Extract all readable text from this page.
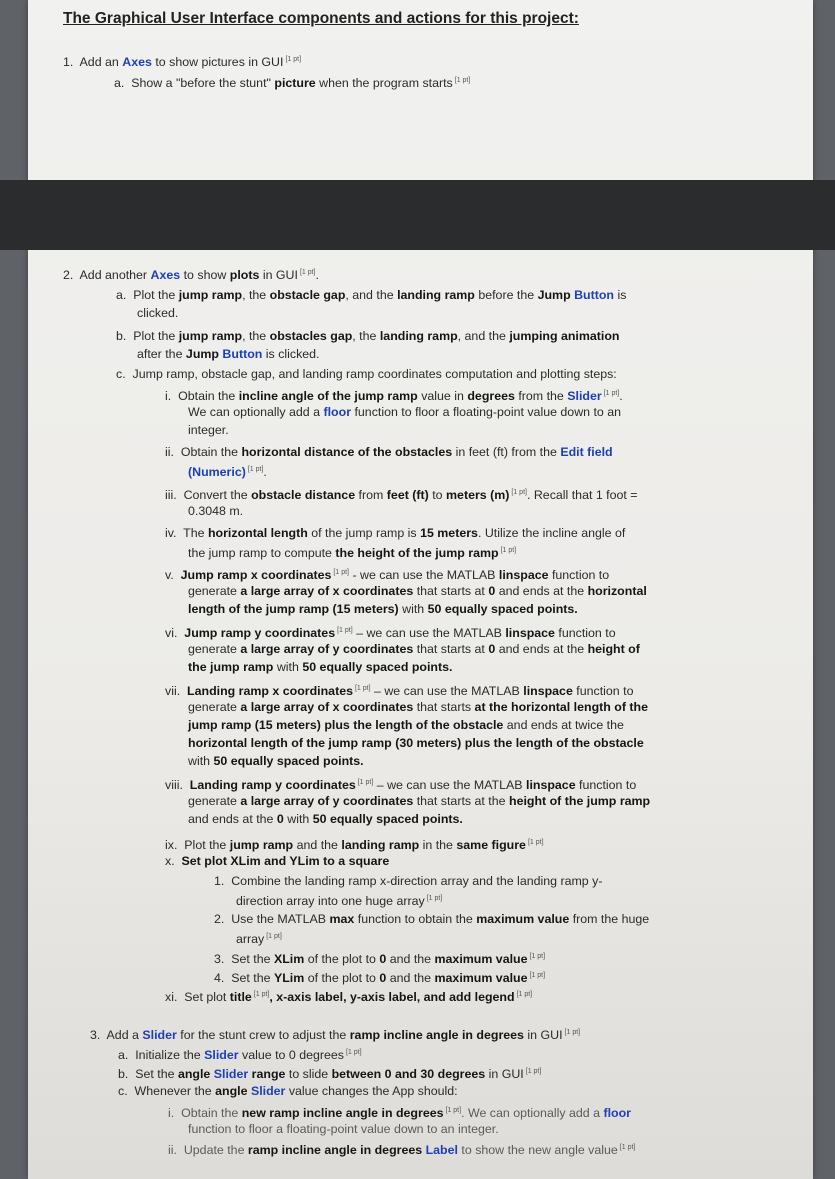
The Graphical User Interface components and actions for this project:
1. Add an Axes to show pictures in GUI [1 pt]
a. Show a "before the stunt" picture when the program starts [1 pt]
2. Add another Axes to show plots in GUI [1 pt].
a. Plot the jump ramp, the obstacle gap, and the landing ramp before the Jump Button is
clicked.
b. Plot the jump ramp, the obstacles gap, the landing ramp, and the jumping animation
after the Jump Button is clicked.
c. Jump ramp, obstacle gap, and landing ramp coordinates computation and plotting steps:
i. Obtain the incline angle of the jump ramp value in degrees from the Slider [1 pt].
We can optionally add a floor function to floor a floating-point value down to an
integer.
ii. Obtain the horizontal distance of the obstacles in feet (ft) from the Edit field
(Numeric) [1 pt].
iii. Convert the obstacle distance from feet (ft) to meters (m) [1 pt]. Recall that 1 foot =
0.3048 m.
iv. The horizontal length of the jump ramp is 15 meters. Utilize the incline angle of
the jump ramp to compute the height of the jump ramp [1 pt]
v. Jump ramp x coordinates [1 pt] - we can use the MATLAB linspace function to
generate a large array of x coordinates that starts at 0 and ends at the horizontal
length of the jump ramp (15 meters) with 50 equally spaced points.
vi. Jump ramp y coordinates [1 pt] – we can use the MATLAB linspace function to
generate a large array of y coordinates that starts at 0 and ends at the height of
the jump ramp with 50 equally spaced points.
vii. Landing ramp x coordinates [1 pt] – we can use the MATLAB linspace function to
generate a large array of x coordinates that starts at the horizontal length of the
jump ramp (15 meters) plus the length of the obstacle and ends at twice the
horizontal length of the jump ramp (30 meters) plus the length of the obstacle
with 50 equally spaced points.
viii. Landing ramp y coordinates [1 pt] – we can use the MATLAB linspace function to
generate a large array of y coordinates that starts at the height of the jump ramp
and ends at the 0 with 50 equally spaced points.
ix. Plot the jump ramp and the landing ramp in the same figure [1 pt]
x. Set plot XLim and YLim to a square
1. Combine the landing ramp x-direction array and the landing ramp y-
direction array into one huge array [1 pt]
2. Use the MATLAB max function to obtain the maximum value from the huge
array [1 pt]
3. Set the XLim of the plot to 0 and the maximum value [1 pt]
4. Set the YLim of the plot to 0 and the maximum value [1 pt]
xi. Set plot title [1 pt], x-axis label, y-axis label, and add legend [1 pt]
3. Add a Slider for the stunt crew to adjust the ramp incline angle in degrees in GUI [1 pt]
a. Initialize the Slider value to 0 degrees [1 pt]
b. Set the angle Slider range to slide between 0 and 30 degrees in GUI [1 pt]
c. Whenever the angle Slider value changes the App should:
i. Obtain the new ramp incline angle in degrees [1 pt]. We can optionally add a floor
function to floor a floating-point value down to an integer.
ii. Update the ramp incline angle in degrees Label to show the new angle value [1 pt]
